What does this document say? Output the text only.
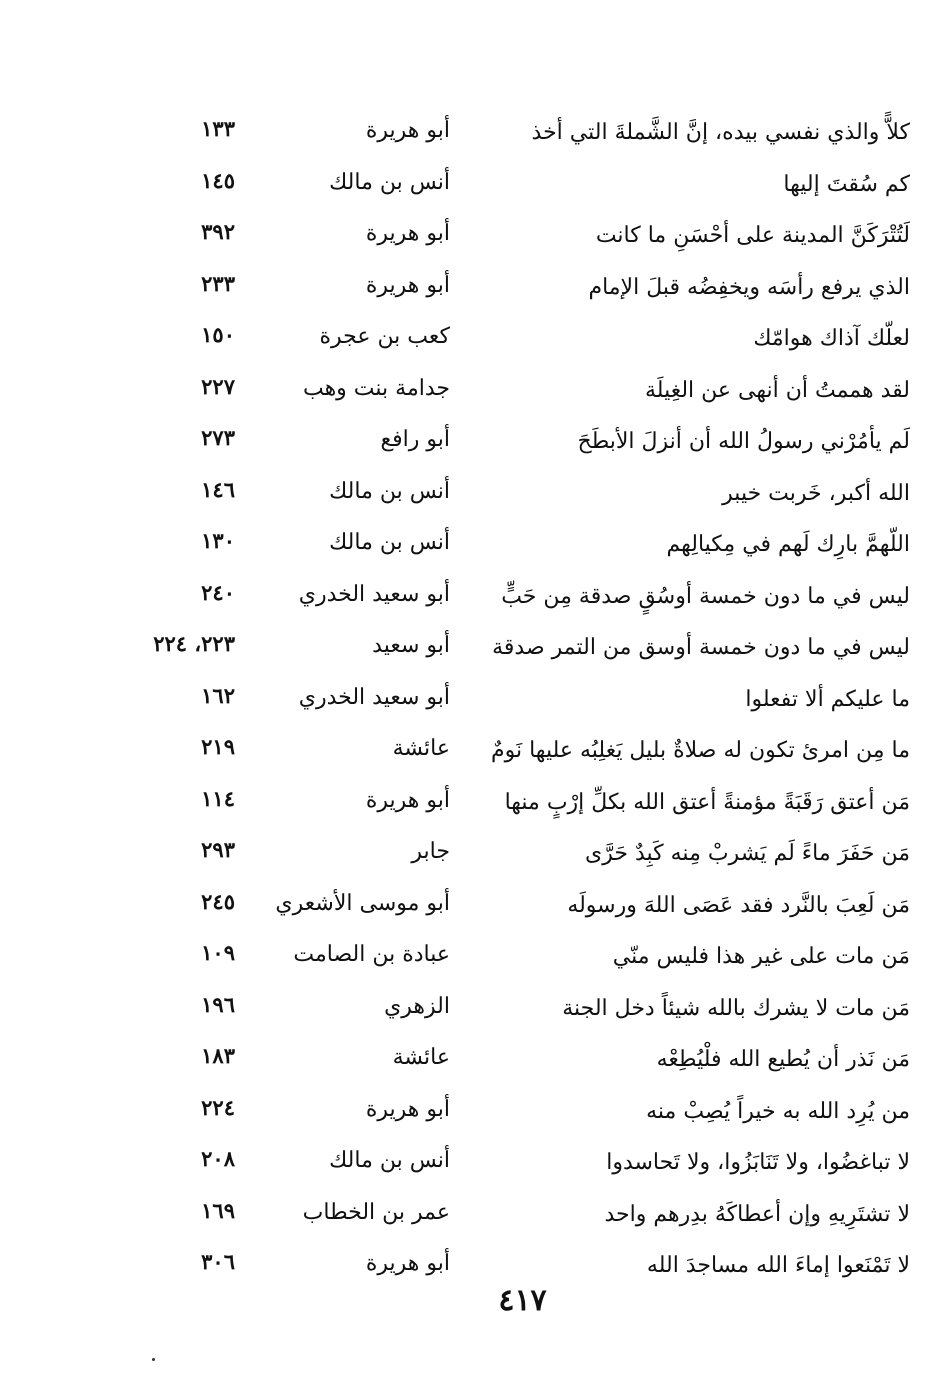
كلاًّ والذي نفسي بيده، إنَّ الشَّملةَ التي أخذ
أبو هريرة
١٣٣
كم سُقتَ إليها
أنس بن مالك
١٤٥
لَتُتْرَكَنَّ المدينة على أحْسَنِ ما كانت
أبو هريرة
٣٩٢
الذي يرفع رأسَه ويخفِضُه قبلَ الإمام
أبو هريرة
٢٣٣
لعلّك آذاك هوامّك
كعب بن عجرة
١٥٠
لقد هممتُ أن أنهى عن الغِيلَة
جدامة بنت وهب
٢٢٧
لَم يأمُرْني رسولُ الله أن أنزلَ الأبطَحَ
أبو رافع
٢٧٣
الله أكبر، خَربت خيبر
أنس بن مالك
١٤٦
اللّهمَّ بارِك لَهم في مِكيالِهم
أنس بن مالك
١٣٠
ليس في ما دون خمسة أوسُقٍ صدقة مِن حَبٍّ
أبو سعيد الخدري
٢٤٠
ليس في ما دون خمسة أوسق من التمر صدقة
أبو سعيد
٢٢٣، ٢٢٤
ما عليكم ألا تفعلوا
أبو سعيد الخدري
١٦٢
ما مِن امرئ تكون له صلاةٌ بليل يَغلِبُه عليها نَومٌ
عائشة
٢١٩
مَن أعتق رَقَبَةً مؤمنةً أعتق الله بكلِّ إرْبٍ منها
أبو هريرة
١١٤
مَن حَفَرَ ماءً لَم يَشربْ مِنه كَبِدٌ حَرَّى
جابر
٢٩٣
مَن لَعِبَ بالنَّرد فقد عَصَى اللهَ ورسولَه
أبو موسى الأشعري
٢٤٥
مَن مات على غير هذا فليس منّي
عبادة بن الصامت
١٠٩
مَن مات لا يشرك بالله شيئاً دخل الجنة
الزهري
١٩٦
مَن نَذر أن يُطيع الله فلْيُطِعْه
عائشة
١٨٣
من يُرِد الله به خيراً يُصِبْ منه
أبو هريرة
٢٢٤
لا تباغضُوا، ولا تَنَابَزُوا، ولا تَحاسدوا
أنس بن مالك
٢٠٨
لا تشتَرِيهِ وإن أعطاكَهُ بدِرهم واحد
عمر بن الخطاب
١٦٩
لا تَمْنَعوا إماءَ الله مساجدَ الله
أبو هريرة
٣٠٦
٤١٧
